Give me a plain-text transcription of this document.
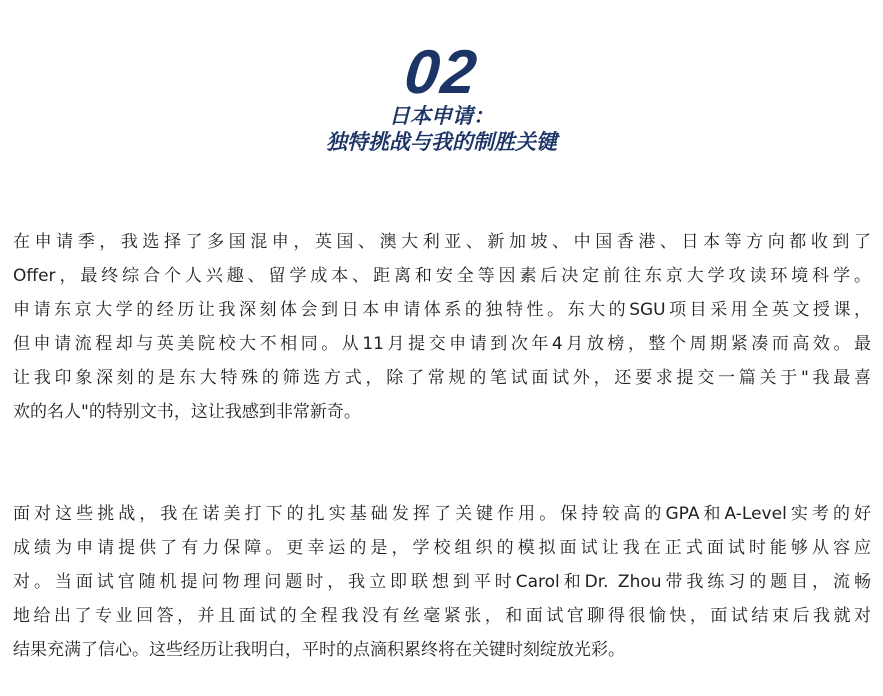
02
日本申请：
独特挑战与我的制胜关键
在申请季，我选择了多国混申，英国、澳大利亚、新加坡、中国香港、日本等方向都收到了
Offer，最终综合个人兴趣、留学成本、距离和安全等因素后决定前往东京大学攻读环境科学。
申请东京大学的经历让我深刻体会到日本申请体系的独特性。东大的SGU项目采用全英文授课，
但申请流程却与英美院校大不相同。从11月提交申请到次年4月放榜，整个周期紧凑而高效。最
让我印象深刻的是东大特殊的筛选方式，除了常规的笔试面试外，还要求提交一篇关于"我最喜
欢的名人"的特别文书，这让我感到非常新奇。
面对这些挑战，我在诺美打下的扎实基础发挥了关键作用。保持较高的GPA和A-Level实考的好
成绩为申请提供了有力保障。更幸运的是，学校组织的模拟面试让我在正式面试时能够从容应
对。当面试官随机提问物理问题时，我立即联想到平时Carol和Dr. Zhou带我练习的题目，流畅
地给出了专业回答，并且面试的全程我没有丝毫紧张，和面试官聊得很愉快，面试结束后我就对
结果充满了信心。这些经历让我明白，平时的点滴积累终将在关键时刻绽放光彩。
